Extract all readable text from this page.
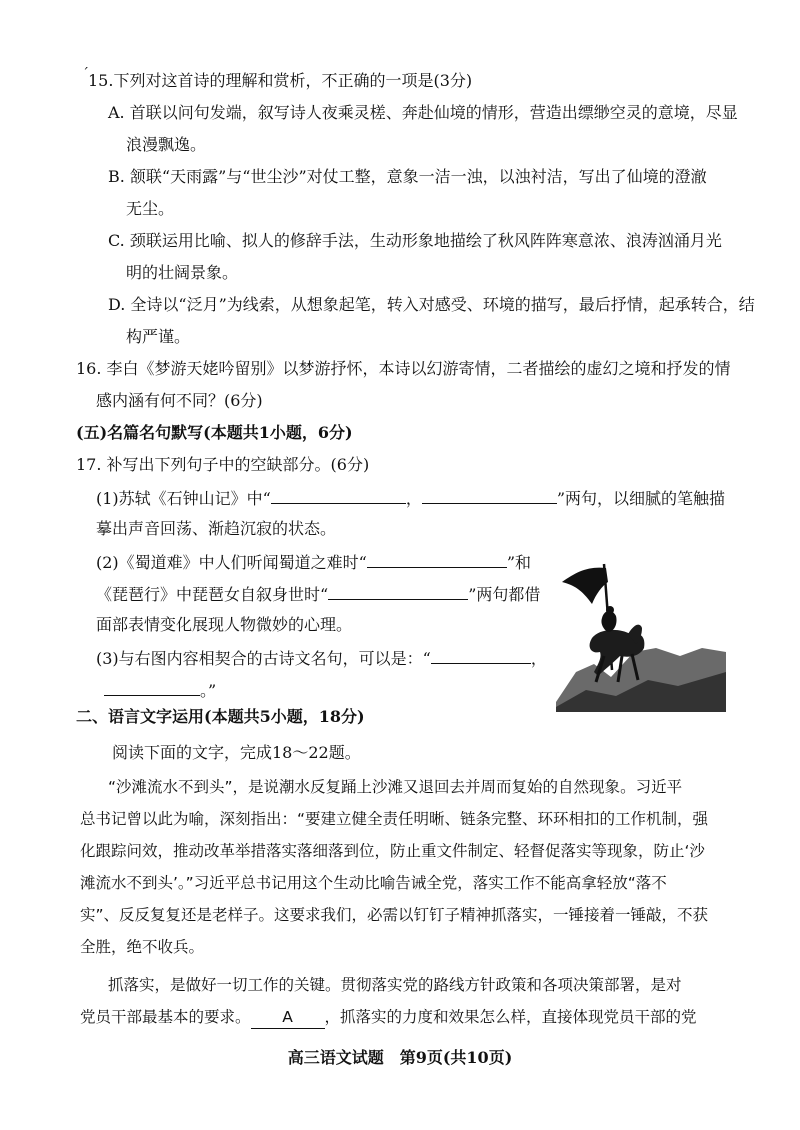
´ 15.下列对这首诗的理解和赏析，不正确的一项是(3分)
A. 首联以问句发端，叙写诗人夜乘灵槎、奔赴仙境的情形，营造出缥缈空灵的意境，尽显
浪漫飘逸。
B. 颔联“天雨露”与“世尘沙”对仗工整，意象一洁一浊，以浊衬洁，写出了仙境的澄澈
无尘。
C. 颈联运用比喻、拟人的修辞手法，生动形象地描绘了秋风阵阵寒意浓、浪涛汹涌月光
明的壮阔景象。
D. 全诗以“泛月”为线索，从想象起笔，转入对感受、环境的描写，最后抒情，起承转合，结
构严谨。
16. 李白《梦游天姥吟留别》以梦游抒怀，本诗以幻游寄情，二者描绘的虚幻之境和抒发的情
感内涵有何不同？(6分)
(五)名篇名句默写(本题共1小题，6分)
17. 补写出下列句子中的空缺部分。(6分)
(1)苏轼《石钟山记》中“	，	”两句，以细腻的笔触描
摹出声音回荡、渐趋沉寂的状态。
(2)《蜀道难》中人们听闻蜀道之难时“	”和
《琵琶行》中琵琶女自叙身世时“	”两句都借
面部表情变化展现人物微妙的心理。
(3)与右图内容相契合的古诗文名句，可以是：“	，
。”
二、语言文字运用(本题共5小题，18分)
阅读下面的文字，完成18～22题。
“沙滩流水不到头”，是说潮水反复踊上沙滩又退回去并周而复始的自然现象。习近平
总书记曾以此为喻，深刻指出：“要建立健全责任明晰、链条完整、环环相扣的工作机制，强
化跟踪问效，推动改革举措落实落细落到位，防止重文件制定、轻督促落实等现象，防止‘沙
滩流水不到头’。”习近平总书记用这个生动比喻告诫全党，落实工作不能高拿轻放“落不
实”、反反复复还是老样子。这要求我们，必需以钉钉子精神抓落实，一锤接着一锤敲，不获
全胜，绝不收兵。
抓落实，是做好一切工作的关键。贯彻落实党的路线方针政策和各项决策部署，是对
党员干部最基本的要求。 A ，抓落实的力度和效果怎么样，直接体现党员干部的党
高三语文试题　第9页(共10页)
